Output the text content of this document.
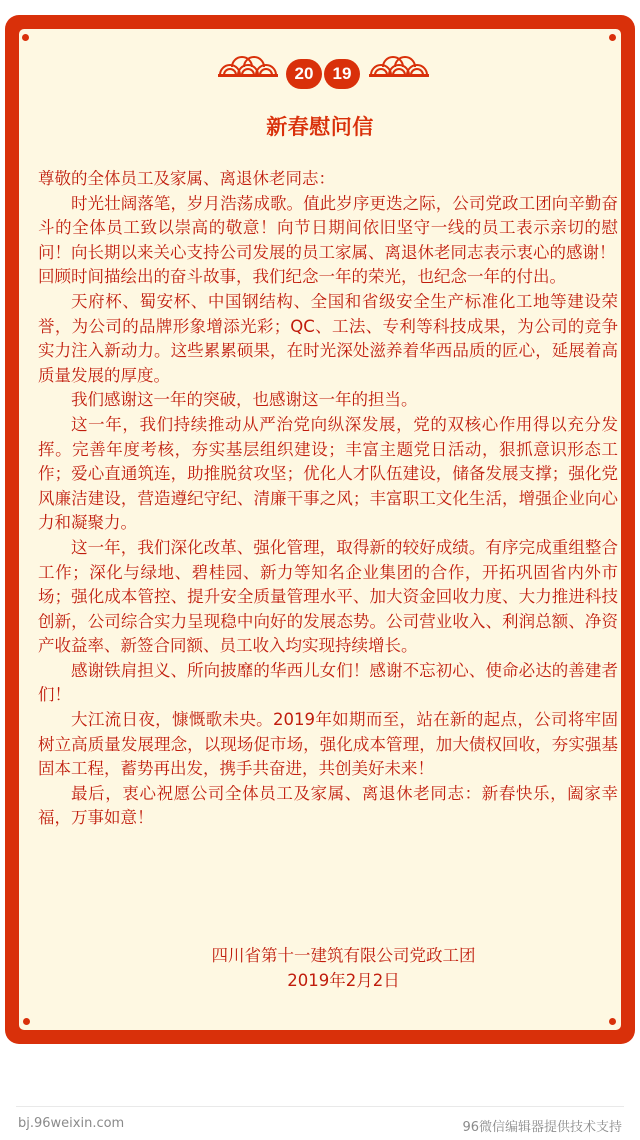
20	19
新春慰问信

尊敬的全体员工及家属、离退休老同志：

时光壮阔落笔，岁月浩荡成歌。值此岁序更迭之际，公司党政工团向辛勤奋斗的全体员工致以崇高的敬意！向节日期间依旧坚守一线的员工表示亲切的慰问！向长期以来关心支持公司发展的员工家属、离退休老同志表示衷心的感谢！

回顾时间描绘出的奋斗故事，我们纪念一年的荣光，也纪念一年的付出。

天府杯、蜀安杯、中国钢结构、全国和省级安全生产标准化工地等建设荣誉，为公司的品牌形象增添光彩；QC、工法、专利等科技成果，为公司的竞争实力注入新动力。这些累累硕果，在时光深处滋养着华西品质的匠心，延展着高质量发展的厚度。

我们感谢这一年的突破，也感谢这一年的担当。

这一年，我们持续推动从严治党向纵深发展，党的双核心作用得以充分发挥。完善年度考核，夯实基层组织建设；丰富主题党日活动，狠抓意识形态工作；爱心直通筑连，助推脱贫攻坚；优化人才队伍建设，储备发展支撑；强化党风廉洁建设，营造遵纪守纪、清廉干事之风；丰富职工文化生活，增强企业向心力和凝聚力。

这一年，我们深化改革、强化管理，取得新的较好成绩。有序完成重组整合工作；深化与绿地、碧桂园、新力等知名企业集团的合作，开拓巩固省内外市场；强化成本管控、提升安全质量管理水平、加大资金回收力度、大力推进科技创新，公司综合实力呈现稳中向好的发展态势。公司营业收入、利润总额、净资产收益率、新签合同额、员工收入均实现持续增长。

感谢铁肩担义、所向披靡的华西儿女们！感谢不忘初心、使命必达的善建者们！

大江流日夜，慷慨歌未央。2019年如期而至，站在新的起点，公司将牢固树立高质量发展理念，以现场促市场，强化成本管理，加大债权回收，夯实强基固本工程，蓄势再出发，携手共奋进，共创美好未来！

最后，衷心祝愿公司全体员工及家属、离退休老同志：新春快乐，阖家幸福，万事如意！

四川省第十一建筑有限公司党政工团
2019年2月2日
bj.96weixin.com	96微信编辑器提供技术支持
